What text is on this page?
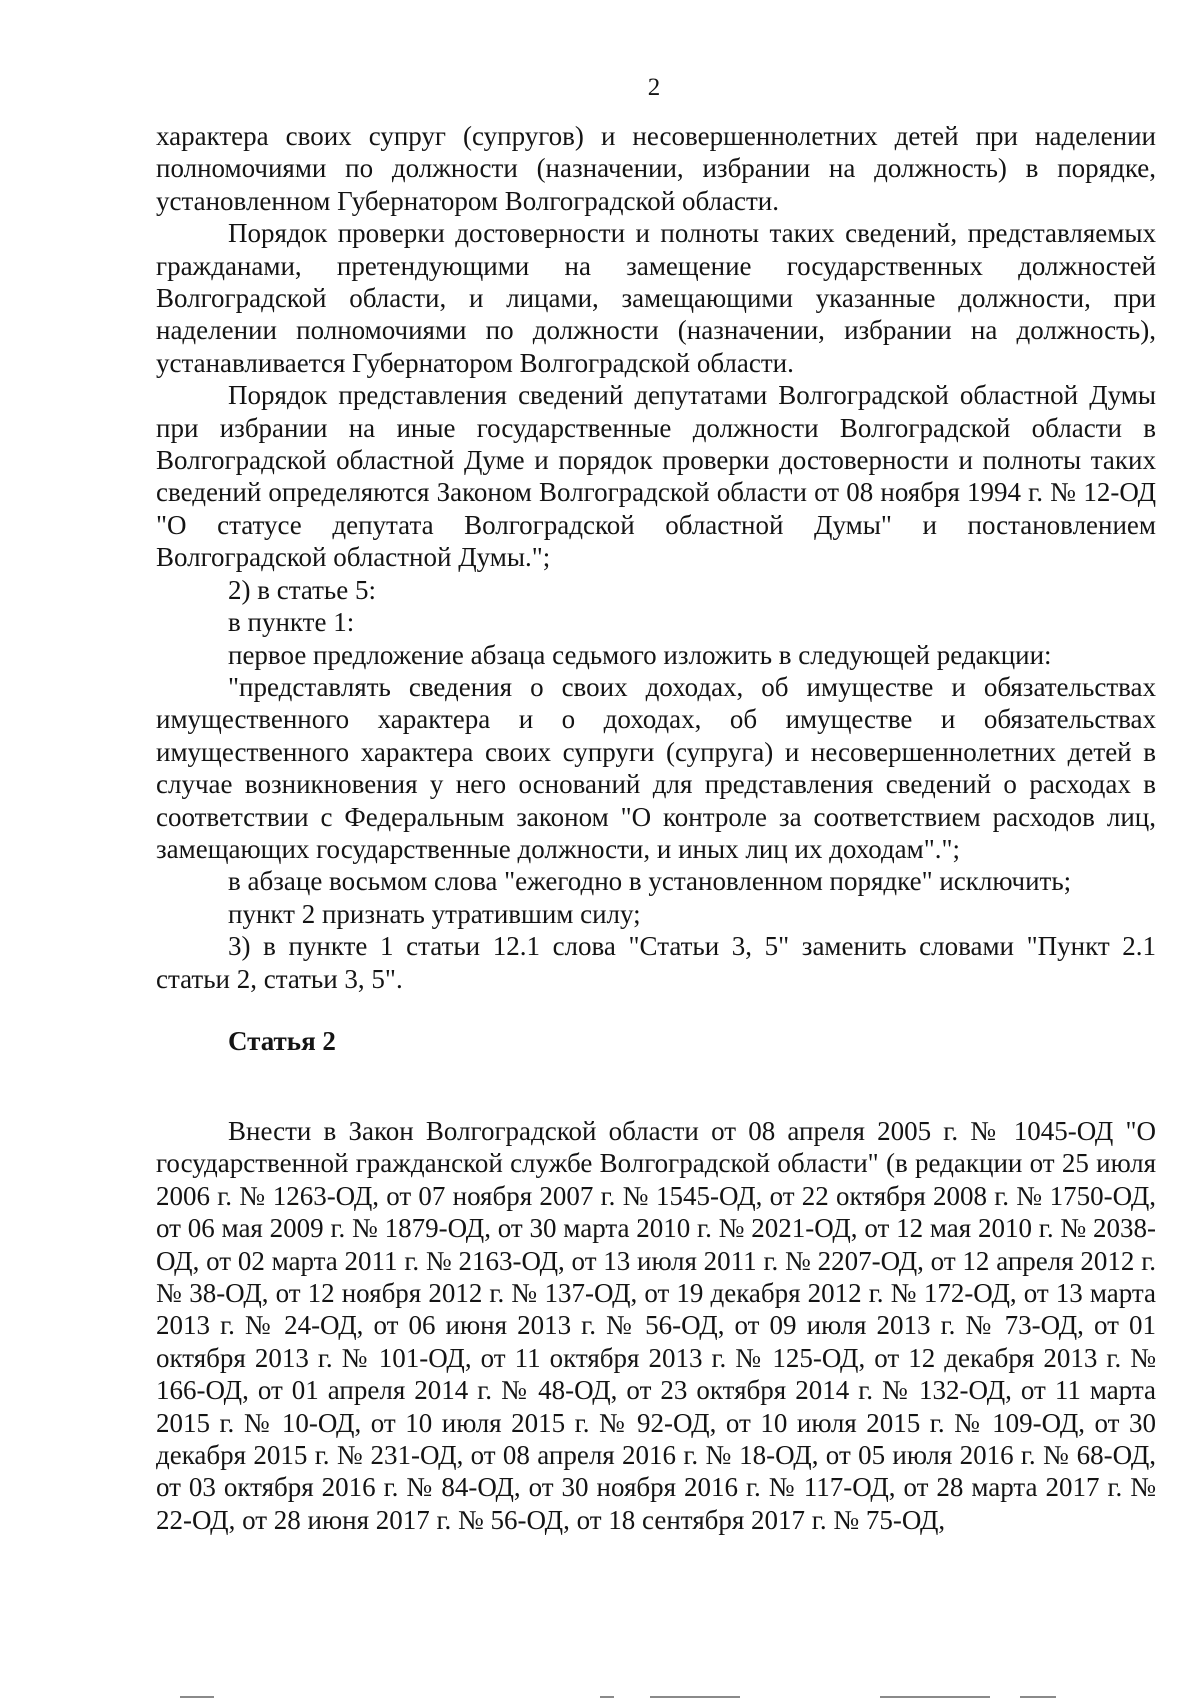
2

характера своих супруг (супругов) и несовершеннолетних детей при наделении полномочиями по должности (назначении, избрании на должность) в порядке, установленном Губернатором Волгоградской области.

Порядок проверки достоверности и полноты таких сведений, представляемых гражданами, претендующими на замещение государственных должностей Волгоградской области, и лицами, замещающими указанные должности, при наделении полномочиями по должности (назначении, избрании на должность), устанавливается Губернатором Волгоградской области.

Порядок представления сведений депутатами Волгоградской областной Думы при избрании на иные государственные должности Волгоградской области в Волгоградской областной Думе и порядок проверки достоверности и полноты таких сведений определяются Законом Волгоградской области от 08 ноября 1994 г. № 12-ОД "О статусе депутата Волгоградской областной Думы" и постановлением Волгоградской областной Думы.";

2) в статье 5:

в пункте 1:

первое предложение абзаца седьмого изложить в следующей редакции:

"представлять сведения о своих доходах, об имуществе и обязательствах имущественного характера и о доходах, об имуществе и обязательствах имущественного характера своих супруги (супруга) и несовершеннолетних детей в случае возникновения у него оснований для представления сведений о расходах в соответствии с Федеральным законом "О контроле за соответствием расходов лиц, замещающих государственные должности, и иных лиц их доходам".";

в абзаце восьмом слова "ежегодно в установленном порядке" исключить;

пункт 2 признать утратившим силу;

3) в пункте 1 статьи 12.1 слова "Статьи 3, 5" заменить словами "Пункт 2.1 статьи 2, статьи 3, 5".

Статья 2

Внести в Закон Волгоградской области от 08 апреля 2005 г. № 1045-ОД "О государственной гражданской службе Волгоградской области" (в редакции от 25 июля 2006 г. № 1263-ОД, от 07 ноября 2007 г. № 1545-ОД, от 22 октября 2008 г. № 1750-ОД, от 06 мая 2009 г. № 1879-ОД, от 30 марта 2010 г. № 2021-ОД, от 12 мая 2010 г. № 2038-ОД, от 02 марта 2011 г. № 2163-ОД, от 13 июля 2011 г. № 2207-ОД, от 12 апреля 2012 г. № 38-ОД, от 12 ноября 2012 г. № 137-ОД, от 19 декабря 2012 г. № 172-ОД, от 13 марта 2013 г. № 24-ОД, от 06 июня 2013 г. № 56-ОД, от 09 июля 2013 г. № 73-ОД, от 01 октября 2013 г. № 101-ОД, от 11 октября 2013 г. № 125-ОД, от 12 декабря 2013 г. № 166-ОД, от 01 апреля 2014 г. № 48-ОД, от 23 октября 2014 г. № 132-ОД, от 11 марта 2015 г. № 10-ОД, от 10 июля 2015 г. № 92-ОД, от 10 июля 2015 г. № 109-ОД, от 30 декабря 2015 г. № 231-ОД, от 08 апреля 2016 г. № 18-ОД, от 05 июля 2016 г. № 68-ОД, от 03 октября 2016 г. № 84-ОД, от 30 ноября 2016 г. № 117-ОД, от 28 марта 2017 г. № 22-ОД, от 28 июня 2017 г. № 56-ОД, от 18 сентября 2017 г. № 75-ОД,
